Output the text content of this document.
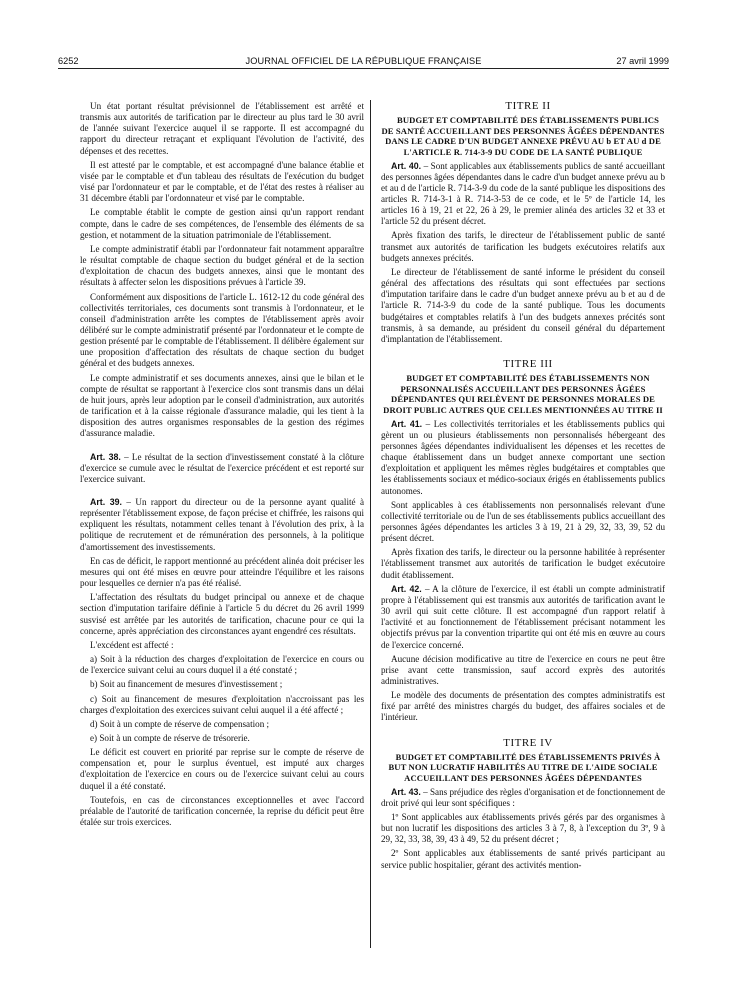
6252	JOURNAL OFFICIEL DE LA RÉPUBLIQUE FRANÇAISE	27 avril 1999

Un état portant résultat prévisionnel de l'établissement est arrêté et transmis aux autorités de tarification par le directeur au plus tard le 30 avril de l'année suivant l'exercice auquel il se rapporte. Il est accompagné du rapport du directeur retraçant et expliquant l'évolution de l'activité, des dépenses et des recettes.

Il est attesté par le comptable, et est accompagné d'une balance établie et visée par le comptable et d'un tableau des résultats de l'exécution du budget visé par l'ordonnateur et par le comptable, et de l'état des restes à réaliser au 31 décembre établi par l'ordonnateur et visé par le comptable.

Le comptable établit le compte de gestion ainsi qu'un rapport rendant compte, dans le cadre de ses compétences, de l'ensemble des éléments de sa gestion, et notamment de la situation patrimoniale de l'établissement.

Le compte administratif établi par l'ordonnateur fait notamment apparaître le résultat comptable de chaque section du budget général et de la section d'exploitation de chacun des budgets annexes, ainsi que le montant des résultats à affecter selon les dispositions prévues à l'article 39.

Conformément aux dispositions de l'article L. 1612-12 du code général des collectivités territoriales, ces documents sont transmis à l'ordonnateur, et le conseil d'administration arrête les comptes de l'établissement après avoir délibéré sur le compte administratif présenté par l'ordonnateur et le compte de gestion présenté par le comptable de l'établissement. Il délibère également sur une proposition d'affectation des résultats de chaque section du budget général et des budgets annexes.

Le compte administratif et ses documents annexes, ainsi que le bilan et le compte de résultat se rapportant à l'exercice clos sont transmis dans un délai de huit jours, après leur adoption par le conseil d'administration, aux autorités de tarification et à la caisse régionale d'assurance maladie, qui les tient à la disposition des autres organismes responsables de la gestion des régimes d'assurance maladie.

Art. 38. – Le résultat de la section d'investissement constaté à la clôture d'exercice se cumule avec le résultat de l'exercice précédent et est reporté sur l'exercice suivant.

Art. 39. – Un rapport du directeur ou de la personne ayant qualité à représenter l'établissement expose, de façon précise et chiffrée, les raisons qui expliquent les résultats, notamment celles tenant à l'évolution des prix, à la politique de recrutement et de rémunération des personnels, à la politique d'amortissement des investissements.

En cas de déficit, le rapport mentionné au précédent alinéa doit préciser les mesures qui ont été mises en œuvre pour atteindre l'équilibre et les raisons pour lesquelles ce dernier n'a pas été réalisé.

L'affectation des résultats du budget principal ou annexe et de chaque section d'imputation tarifaire définie à l'article 5 du décret du 26 avril 1999 susvisé est arrêtée par les autorités de tarification, chacune pour ce qui la concerne, après appréciation des circonstances ayant engendré ces résultats.

L'excédent est affecté :

a) Soit à la réduction des charges d'exploitation de l'exercice en cours ou de l'exercice suivant celui au cours duquel il a été constaté ;

b) Soit au financement de mesures d'investissement ;

c) Soit au financement de mesures d'exploitation n'accroissant pas les charges d'exploitation des exercices suivant celui auquel il a été affecté ;

d) Soit à un compte de réserve de compensation ;

e) Soit à un compte de réserve de trésorerie.

Le déficit est couvert en priorité par reprise sur le compte de réserve de compensation et, pour le surplus éventuel, est imputé aux charges d'exploitation de l'exercice en cours ou de l'exercice suivant celui au cours duquel il a été constaté.

Toutefois, en cas de circonstances exceptionnelles et avec l'accord préalable de l'autorité de tarification concernée, la reprise du déficit peut être étalée sur trois exercices.

TITRE II

BUDGET ET COMPTABILITÉ DES ÉTABLISSEMENTS PUBLICS DE SANTÉ ACCUEILLANT DES PERSONNES ÂGÉES DÉPENDANTES DANS LE CADRE D'UN BUDGET ANNEXE PRÉVU AU b ET AU d DE L'ARTICLE R. 714-3-9 DU CODE DE LA SANTÉ PUBLIQUE

Art. 40. – Sont applicables aux établissements publics de santé accueillant des personnes âgées dépendantes dans le cadre d'un budget annexe prévu au b et au d de l'article R. 714-3-9 du code de la santé publique les dispositions des articles R. 714-3-1 à R. 714-3-53 de ce code, et le 5º de l'article 14, les articles 16 à 19, 21 et 22, 26 à 29, le premier alinéa des articles 32 et 33 et l'article 52 du présent décret.

Après fixation des tarifs, le directeur de l'établissement public de santé transmet aux autorités de tarification les budgets exécutoires relatifs aux budgets annexes précités.

Le directeur de l'établissement de santé informe le président du conseil général des affectations des résultats qui sont effectuées par sections d'imputation tarifaire dans le cadre d'un budget annexe prévu au b et au d de l'article R. 714-3-9 du code de la santé publique. Tous les documents budgétaires et comptables relatifs à l'un des budgets annexes précités sont transmis, à sa demande, au président du conseil général du département d'implantation de l'établissement.

TITRE III

BUDGET ET COMPTABILITÉ DES ÉTABLISSEMENTS NON PERSONNALISÉS ACCUEILLANT DES PERSONNES ÂGÉES DÉPENDANTES QUI RELÈVENT DE PERSONNES MORALES DE DROIT PUBLIC AUTRES QUE CELLES MENTIONNÉES AU TITRE II

Art. 41. – Les collectivités territoriales et les établissements publics qui gèrent un ou plusieurs établissements non personnalisés hébergeant des personnes âgées dépendantes individualisent les dépenses et les recettes de chaque établissement dans un budget annexe comportant une section d'exploitation et appliquent les mêmes règles budgétaires et comptables que les établissements sociaux et médico-sociaux érigés en établissements publics autonomes.

Sont applicables à ces établissements non personnalisés relevant d'une collectivité territoriale ou de l'un de ses établissements publics accueillant des personnes âgées dépendantes les articles 3 à 19, 21 à 29, 32, 33, 39, 52 du présent décret.

Après fixation des tarifs, le directeur ou la personne habilitée à représenter l'établissement transmet aux autorités de tarification le budget exécutoire dudit établissement.

Art. 42. – A la clôture de l'exercice, il est établi un compte administratif propre à l'établissement qui est transmis aux autorités de tarification avant le 30 avril qui suit cette clôture. Il est accompagné d'un rapport relatif à l'activité et au fonctionnement de l'établissement précisant notamment les objectifs prévus par la convention tripartite qui ont été mis en œuvre au cours de l'exercice concerné.

Aucune décision modificative au titre de l'exercice en cours ne peut être prise avant cette transmission, sauf accord exprès des autorités administratives.

Le modèle des documents de présentation des comptes administratifs est fixé par arrêté des ministres chargés du budget, des affaires sociales et de l'intérieur.

TITRE IV

BUDGET ET COMPTABILITÉ DES ÉTABLISSEMENTS PRIVÉS À BUT NON LUCRATIF HABILITÉS AU TITRE DE L'AIDE SOCIALE ACCUEILLANT DES PERSONNES ÂGÉES DÉPENDANTES

Art. 43. – Sans préjudice des règles d'organisation et de fonctionnement de droit privé qui leur sont spécifiques :

1º Sont applicables aux établissements privés gérés par des organismes à but non lucratif les dispositions des articles 3 à 7, 8, à l'exception du 3º, 9 à 29, 32, 33, 38, 39, 43 à 49, 52 du présent décret ;

2º Sont applicables aux établissements de santé privés participant au service public hospitalier, gérant des activités mention-
